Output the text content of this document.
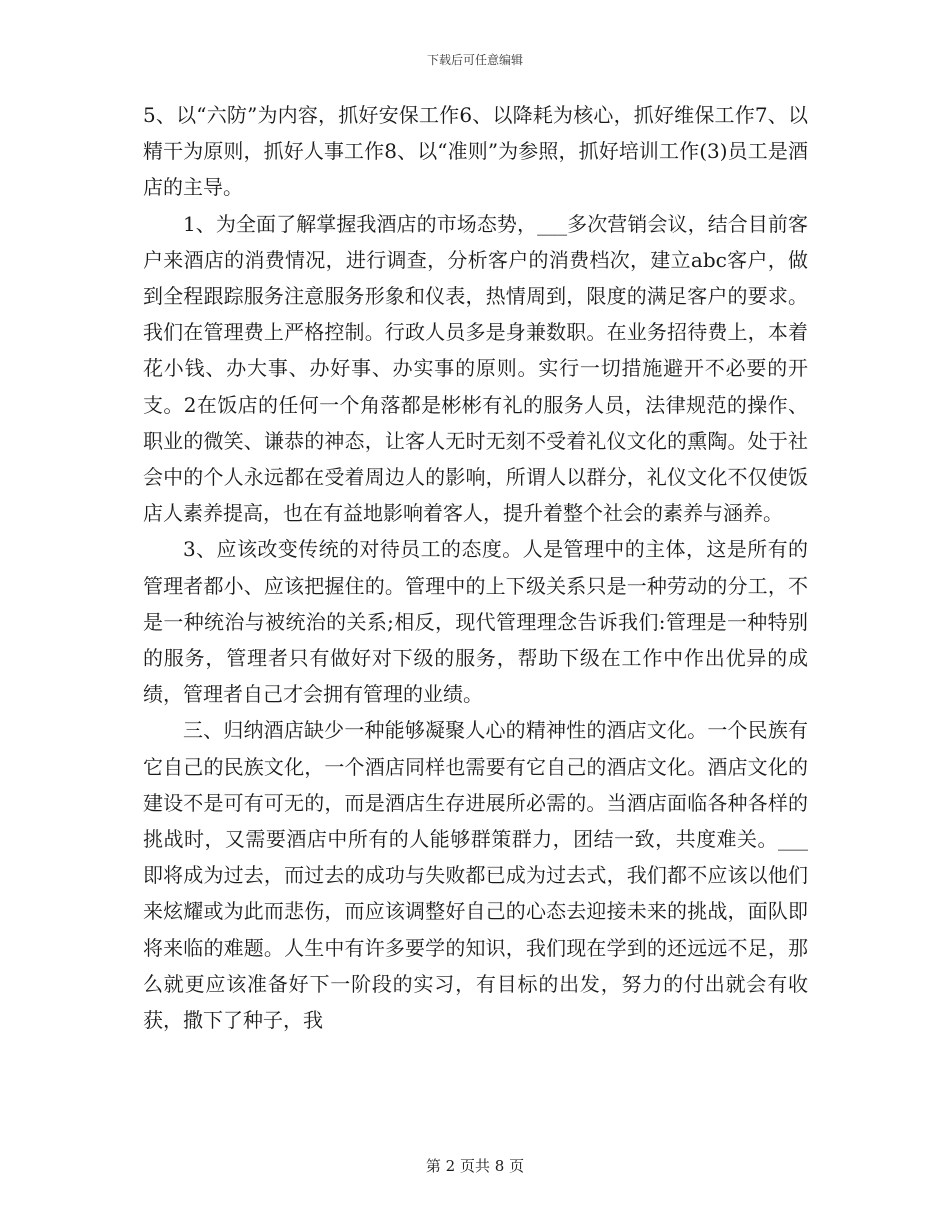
下载后可任意编辑

5、以“六防”为内容，抓好安保工作6、以降耗为核心，抓好维保工作7、以精干为原则，抓好人事工作8、以“准则”为参照，抓好培训工作(3)员工是酒店的主导。

1、为全面了解掌握我酒店的市场态势，___多次营销会议，结合目前客户来酒店的消费情况，进行调查，分析客户的消费档次，建立abc客户，做到全程跟踪服务注意服务形象和仪表，热情周到，限度的满足客户的要求。我们在管理费上严格控制。行政人员多是身兼数职。在业务招待费上，本着花小钱、办大事、办好事、办实事的原则。实行一切措施避开不必要的开支。2在饭店的任何一个角落都是彬彬有礼的服务人员，法律规范的操作、职业的微笑、谦恭的神态，让客人无时无刻不受着礼仪文化的熏陶。处于社会中的个人永远都在受着周边人的影响，所谓人以群分，礼仪文化不仅使饭店人素养提高，也在有益地影响着客人，提升着整个社会的素养与涵养。

3、应该改变传统的对待员工的态度。人是管理中的主体，这是所有的管理者都小、应该把握住的。管理中的上下级关系只是一种劳动的分工，不是一种统治与被统治的关系;相反，现代管理理念告诉我们:管理是一种特别的服务，管理者只有做好对下级的服务，帮助下级在工作中作出优异的成绩，管理者自己才会拥有管理的业绩。

三、归纳酒店缺少一种能够凝聚人心的精神性的酒店文化。一个民族有它自己的民族文化，一个酒店同样也需要有它自己的酒店文化。酒店文化的建设不是可有可无的，而是酒店生存进展所必需的。当酒店面临各种各样的挑战时，又需要酒店中所有的人能够群策群力，团结一致，共度难关。___即将成为过去，而过去的成功与失败都已成为过去式，我们都不应该以他们来炫耀或为此而悲伤，而应该调整好自己的心态去迎接未来的挑战，面队即将来临的难题。人生中有许多要学的知识，我们现在学到的还远远不足，那么就更应该准备好下一阶段的实习，有目标的出发，努力的付出就会有收获，撒下了种子，我

第 2 页共 8 页
